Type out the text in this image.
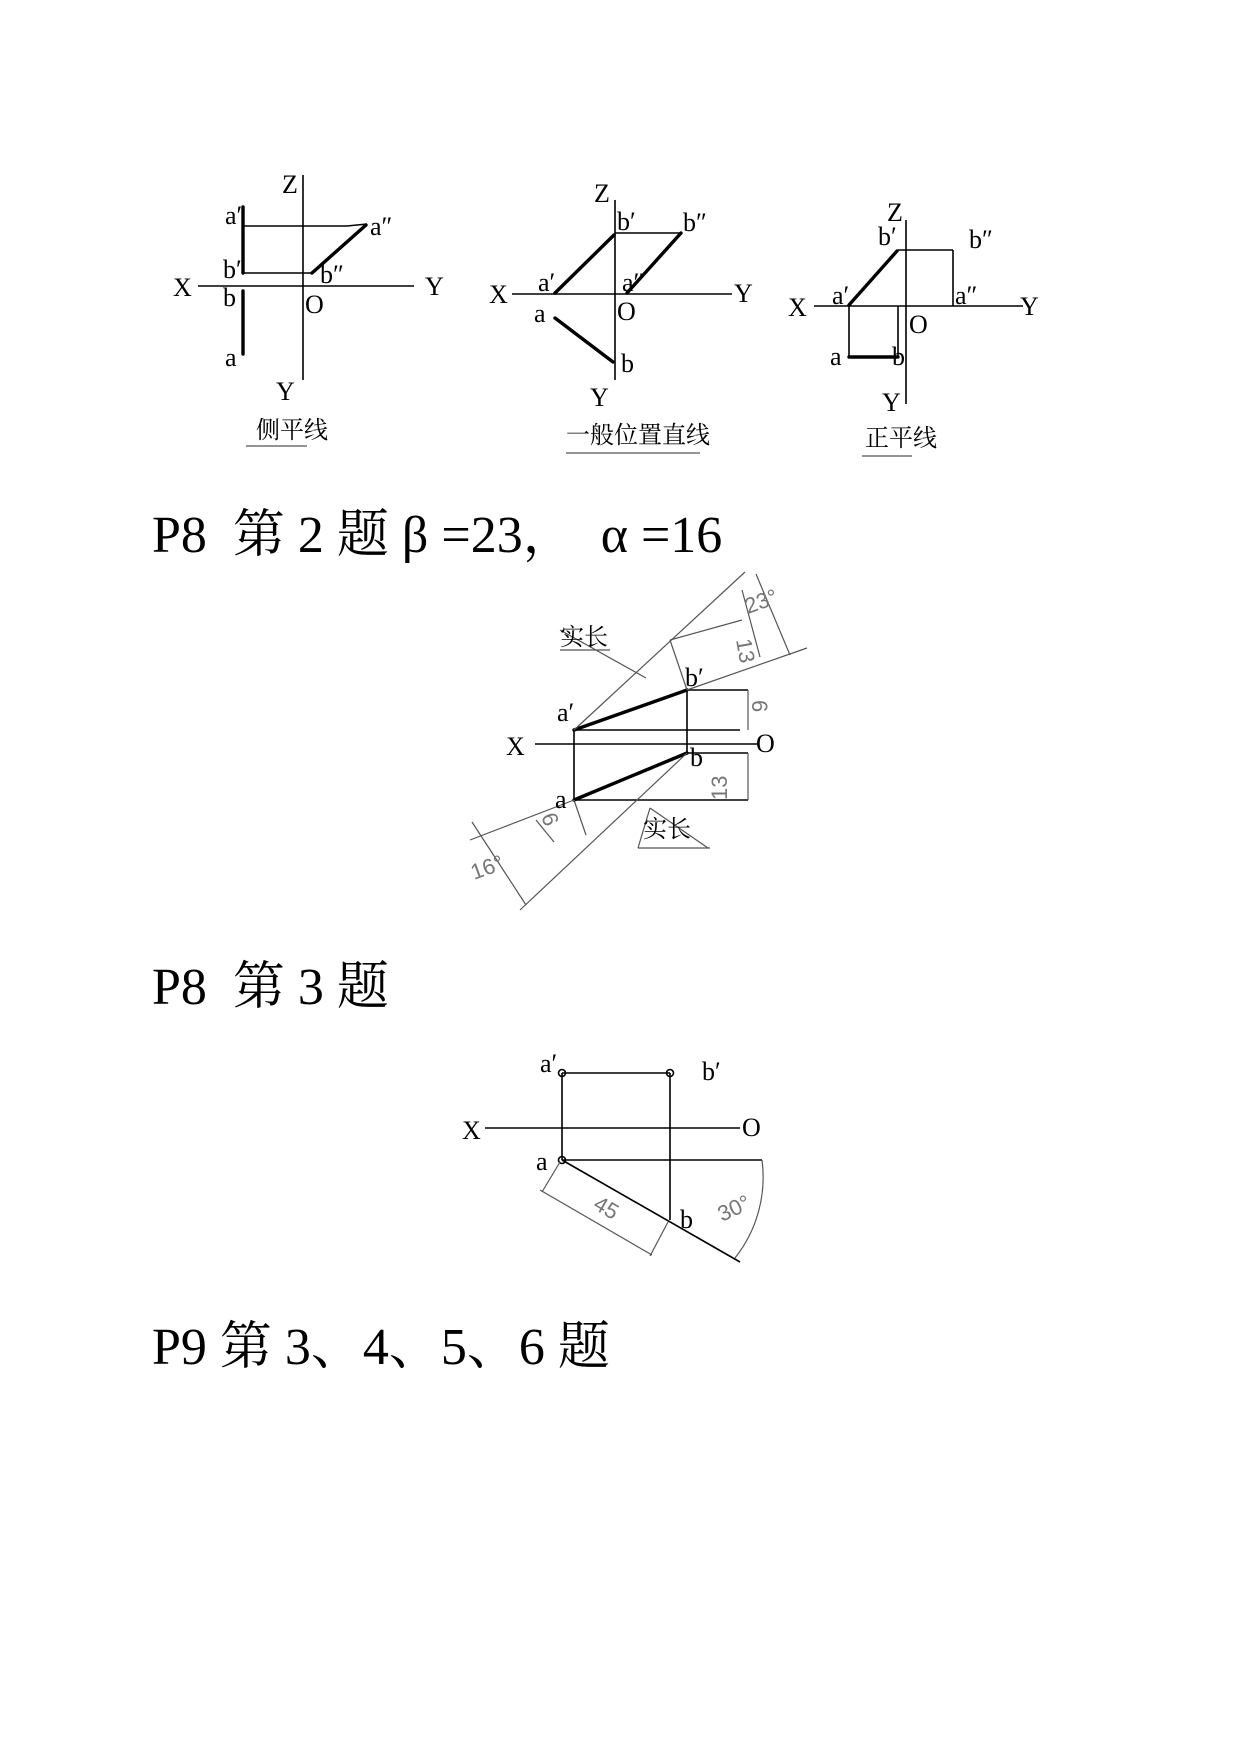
Z
X	Y
Y
O
a′	a″
b′	b″
b
a
侧平线
Z
X	Y
Y
O
b′ b″
a′	a″
a
b
一般位置直线
Z
X	Y
Y
O
b′	b″
a′	a″
a b
正平线
P8  第 2 题 β =23，  α =16
实长
实长
X	O
a′
b′
a
b
23°
13
6
13
6
16°
P8  第 3 题
a′	b′
X	O
a
b
45	30°
P9 第 3、4、5、6 题
